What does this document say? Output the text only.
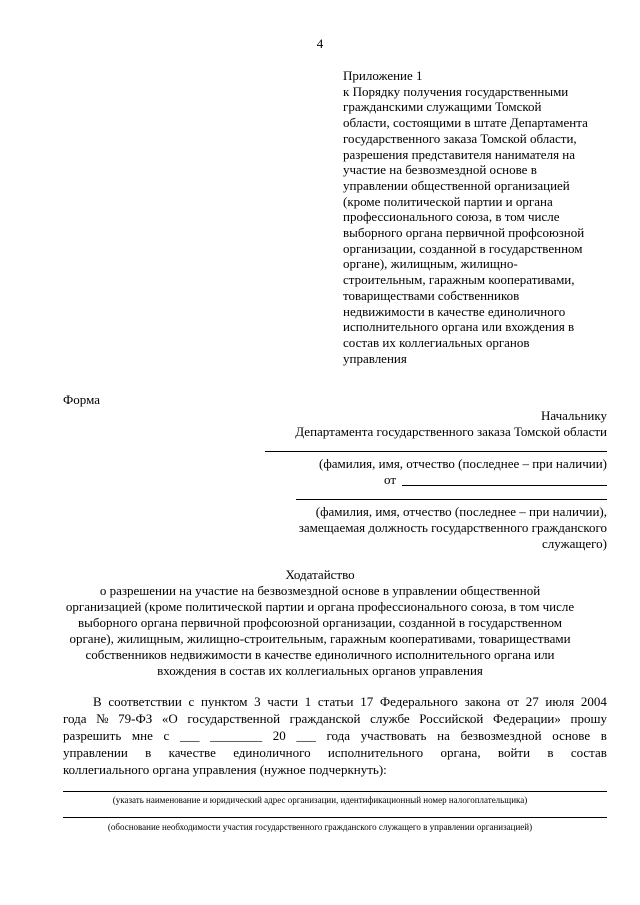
4
Приложение 1
к Порядку получения государственными
гражданскими служащими Томской
области, состоящими в штате Департамента
государственного заказа Томской области,
разрешения представителя нанимателя на
участие на безвозмездной основе в
управлении общественной организацией
(кроме политической партии и органа
профессионального союза, в том числе
выборного органа первичной профсоюзной
организации, созданной в государственном
органе), жилищным, жилищно-
строительным, гаражным кооперативами,
товариществами собственников
недвижимости в качестве единоличного
исполнительного органа или вхождения в
состав их коллегиальных органов
управления
Форма
Начальнику
Департамента государственного заказа Томской области
(фамилия, имя, отчество (последнее – при наличии)
от
(фамилия, имя, отчество (последнее – при наличии),
замещаемая должность государственного гражданского
служащего)
Ходатайство
о разрешении на участие на безвозмездной основе в управлении общественной
организацией (кроме политической партии и органа профессионального союза, в том числе
выборного органа первичной профсоюзной организации, созданной в государственном
органе), жилищным, жилищно-строительным, гаражным кооперативами, товариществами
собственников недвижимости в качестве единоличного исполнительного органа или
вхождения в состав их коллегиальных органов управления
В соответствии с пунктом 3 части 1 статьи 17 Федерального закона от 27 июля 2004
года № 79-ФЗ «О государственной гражданской службе Российской Федерации» прошу
разрешить мне с ___ ________ 20 ___ года участвовать на безвозмездной основе в
управлении в качестве единоличного исполнительного органа, войти в состав
коллегиального органа управления (нужное подчеркнуть):
(указать наименование и юридический адрес организации, идентификационный номер налогоплательщика)
(обоснование необходимости участия государственного гражданского служащего в управлении организацией)
